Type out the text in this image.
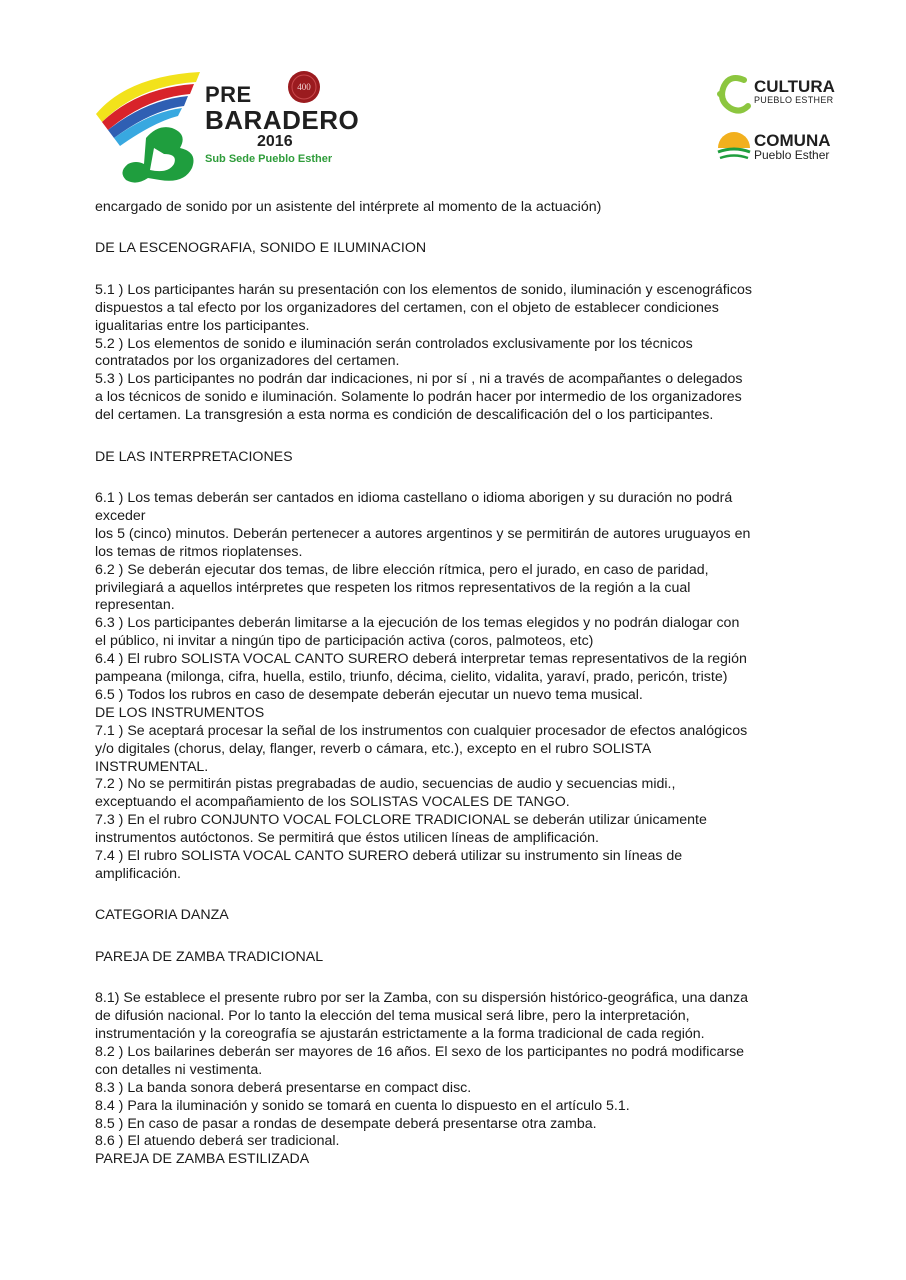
PRE
BARADERO
2016
Sub Sede Pueblo Esther
400	CULTURA
PUEBLO ESTHER
COMUNA
Pueblo Esther

encargado de sonido por un asistente del intérprete al momento de la actuación)

DE LA ESCENOGRAFIA, SONIDO E ILUMINACION

5.1 ) Los participantes harán su presentación con los elementos de sonido, iluminación y escenográficos

dispuestos a tal efecto por los organizadores del certamen, con el objeto de establecer condiciones

igualitarias entre los participantes.

5.2 ) Los elementos de sonido e iluminación serán controlados exclusivamente por los técnicos

contratados por los organizadores del certamen.

5.3 ) Los participantes no podrán dar indicaciones, ni por sí , ni a través de acompañantes o delegados

a los técnicos de sonido e iluminación. Solamente lo podrán hacer por intermedio de los organizadores

del certamen. La transgresión a esta norma es condición de descalificación del o los participantes.

DE LAS INTERPRETACIONES

6.1 ) Los temas deberán ser cantados en idioma castellano o idioma aborigen y su duración no podrá

exceder

los 5 (cinco) minutos. Deberán pertenecer a autores argentinos y se permitirán de autores uruguayos en

los temas de ritmos rioplatenses.

6.2 ) Se deberán ejecutar dos temas, de libre elección rítmica, pero el jurado, en caso de paridad,

privilegiará a aquellos intérpretes que respeten los ritmos representativos de la región a la cual

representan.

6.3 ) Los participantes deberán limitarse a la ejecución de los temas elegidos y no podrán dialogar con

el público, ni invitar a ningún tipo de participación activa (coros, palmoteos, etc)

6.4 ) El rubro SOLISTA VOCAL CANTO SURERO deberá interpretar temas representativos de la región

pampeana (milonga, cifra, huella, estilo, triunfo, décima, cielito, vidalita, yaraví, prado, pericón, triste)

6.5 ) Todos los rubros en caso de desempate deberán ejecutar un nuevo tema musical.

DE LOS INSTRUMENTOS

7.1 ) Se aceptará procesar la señal de los instrumentos con cualquier procesador de efectos analógicos

y/o digitales (chorus, delay, flanger, reverb o cámara, etc.), excepto en el rubro SOLISTA

INSTRUMENTAL.

7.2 ) No se permitirán pistas pregrabadas de audio, secuencias de audio y secuencias midi.,

exceptuando el acompañamiento de los SOLISTAS VOCALES DE TANGO.

7.3 ) En el rubro CONJUNTO VOCAL FOLCLORE TRADICIONAL se deberán utilizar únicamente

instrumentos autóctonos. Se permitirá que éstos utilicen líneas de amplificación.

7.4 ) El rubro SOLISTA VOCAL CANTO SURERO deberá utilizar su instrumento sin líneas de

amplificación.

CATEGORIA DANZA

PAREJA DE ZAMBA TRADICIONAL

8.1) Se establece el presente rubro por ser la Zamba, con su dispersión histórico-geográfica, una danza

de difusión nacional. Por lo tanto la elección del tema musical será libre, pero la interpretación,

instrumentación y la coreografía se ajustarán estrictamente a la forma tradicional de cada región.

8.2 ) Los bailarines deberán ser mayores de 16 años. El sexo de los participantes no podrá modificarse

con detalles ni vestimenta.

8.3 ) La banda sonora deberá presentarse en compact disc.

8.4 ) Para la iluminación y sonido se tomará en cuenta lo dispuesto en el artículo 5.1.

8.5 ) En caso de pasar a rondas de desempate deberá presentarse otra zamba.

8.6 ) El atuendo deberá ser tradicional.

PAREJA DE ZAMBA ESTILIZADA
